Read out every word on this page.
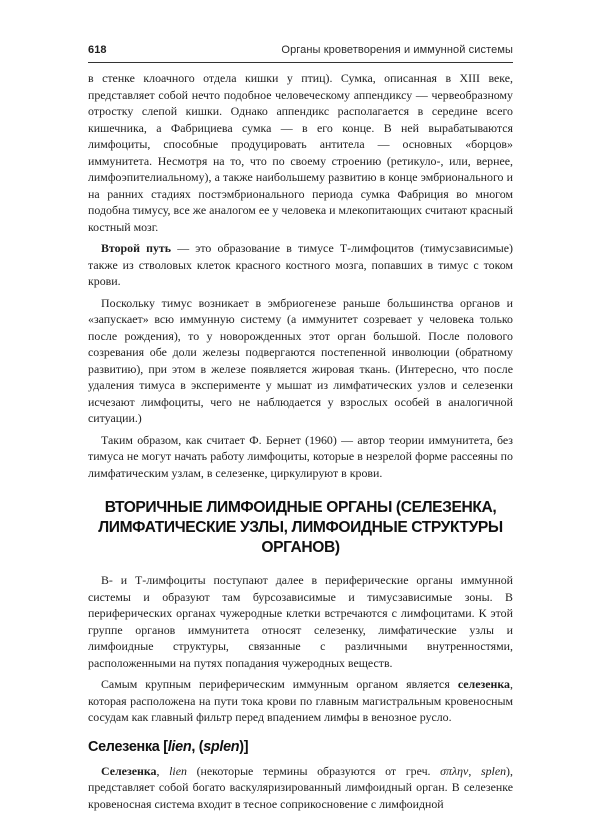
618	Органы кроветворения и иммунной системы

в стенке клоачного отдела кишки у птиц). Сумка, описанная в XIII веке, представляет собой нечто подобное человеческому аппендиксу — червеобразному отростку слепой кишки. Однако аппендикс располагается в середине всего кишечника, а Фабрициева сумка — в его конце. В ней вырабатываются лимфоциты, способные продуцировать антитела — основных «борцов» иммунитета. Несмотря на то, что по своему строению (ретикуло-, или, вернее, лимфоэпителиальному), а также наибольшему развитию в конце эмбрионального и на ранних стадиях постэмбрионального периода сумка Фабриция во многом подобна тимусу, все же аналогом ее у человека и млекопитающих считают красный костный мозг.

Второй путь — это образование в тимусе Т-лимфоцитов (тимусзависимые) также из стволовых клеток красного костного мозга, попавших в тимус с током крови.

Поскольку тимус возникает в эмбриогенезе раньше большинства органов и «запускает» всю иммунную систему (а иммунитет созревает у человека только после рождения), то у новорожденных этот орган большой. После полового созревания обе доли железы подвергаются постепенной инволюции (обратному развитию), при этом в железе появляется жировая ткань. (Интересно, что после удаления тимуса в эксперименте у мышат из лимфатических узлов и селезенки исчезают лимфоциты, чего не наблюдается у взрослых особей в аналогичной ситуации.)

Таким образом, как считает Ф. Бернет (1960) — автор теории иммунитета, без тимуса не могут начать работу лимфоциты, которые в незрелой форме рассеяны по лимфатическим узлам, в селезенке, циркулируют в крови.

ВТОРИЧНЫЕ ЛИМФОИДНЫЕ ОРГАНЫ (СЕЛЕЗЕНКА, ЛИМФАТИЧЕСКИЕ УЗЛЫ, ЛИМФОИДНЫЕ СТРУКТУРЫ ОРГАНОВ)

В- и Т-лимфоциты поступают далее в периферические органы иммунной системы и образуют там бурсозависимые и тимусзависимые зоны. В периферических органах чужеродные клетки встречаются с лимфоцитами. К этой группе органов иммунитета относят селезенку, лимфатические узлы и лимфоидные структуры, связанные с различными внутренностями, расположенными на путях попадания чужеродных веществ.

Самым крупным периферическим иммунным органом является селезенка, которая расположена на пути тока крови по главным магистральным кровеносным сосудам как главный фильтр перед впадением лимфы в венозное русло.

Селезенка [lien, (splen)]

Селезенка, lien (некоторые термины образуются от греч. σπλην, splen), представляет собой богато васкуляризированный лимфоидный орган. В селезенке кровеносная система входит в тесное соприкосновение с лимфоидной
